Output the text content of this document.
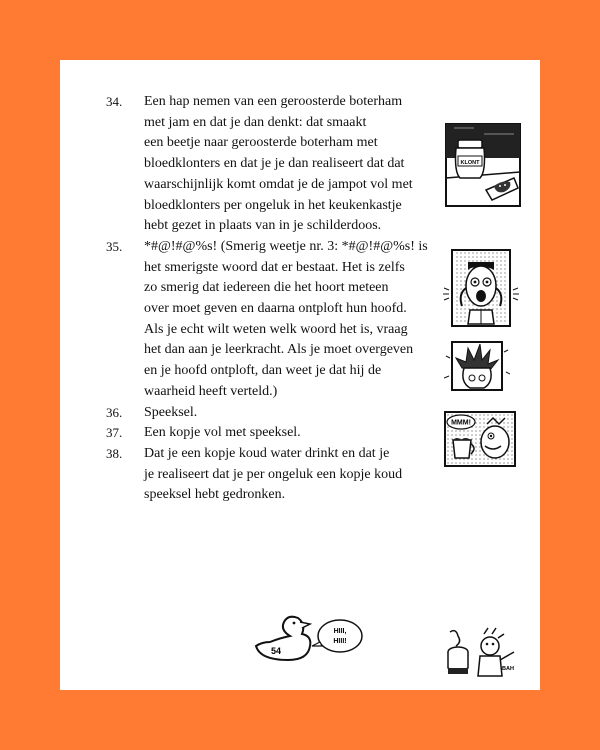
34.	Een hap nemen van een geroosterde boterham
met jam en dat je dan denkt: dat smaakt
een beetje naar geroosterde boterham met
bloedklonters en dat je je dan realiseert dat dat
waarschijnlijk komt omdat je de jampot vol met
bloedklonters per ongeluk in het keukenkastje
hebt gezet in plaats van in je schilderdoos.
35.	*#@!#@%s! (Smerig weetje nr. 3: *#@!#@%s! is
het smerigste woord dat er bestaat. Het is zelfs
zo smerig dat iedereen die het hoort meteen
over moet geven en daarna ontploft hun hoofd.
Als je echt wilt weten welk woord het is, vraag
het dan aan je leerkracht. Als je moet overgeven
en je hoofd ontploft, dan weet je dat hij de
waarheid heeft verteld.)
36.	Speeksel.
37.	Een kopje vol met speeksel.
38.	Dat je een kopje koud water drinkt en dat je
je realiseert dat je per ongeluk een kopje koud
speeksel hebt gedronken.
KLONT
MMM!
54
HIII,
HIII!
BAH
